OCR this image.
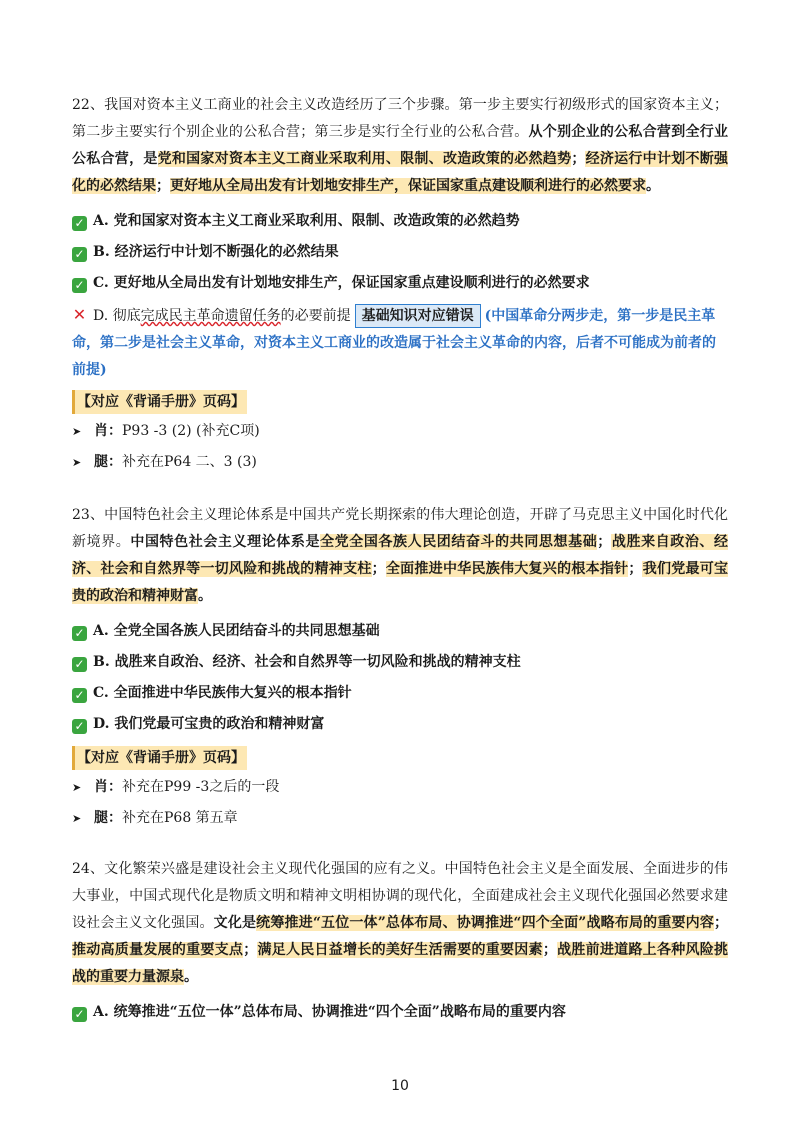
22、我国对资本主义工商业的社会主义改造经历了三个步骤。第一步主要实行初级形式的国家资本主义；第二步主要实行个别企业的公私合营；第三步是实行全行业的公私合营。从个别企业的公私合营到全行业公私合营，是党和国家对资本主义工商业采取利用、限制、改造政策的必然趋势；经济运行中计划不断强化的必然结果；更好地从全局出发有计划地安排生产，保证国家重点建设顺利进行的必然要求。

✓ A. 党和国家对资本主义工商业采取利用、限制、改造政策的必然趋势

✓ B. 经济运行中计划不断强化的必然结果

✓ C. 更好地从全局出发有计划地安排生产，保证国家重点建设顺利进行的必然要求

✕ D. 彻底完成民主革命遗留任务的必要前提 基础知识对应错误 (中国革命分两步走，第一步是民主革命，第二步是社会主义革命，对资本主义工商业的改造属于社会主义革命的内容，后者不可能成为前者的前提)

【对应《背诵手册》页码】

➤ 肖：P93 -3 (2) (补充C项)

➤ 腿：补充在P64 二、3 (3)

23、中国特色社会主义理论体系是中国共产党长期探索的伟大理论创造，开辟了马克思主义中国化时代化新境界。中国特色社会主义理论体系是全党全国各族人民团结奋斗的共同思想基础；战胜来自政治、经济、社会和自然界等一切风险和挑战的精神支柱；全面推进中华民族伟大复兴的根本指针；我们党最可宝贵的政治和精神财富。

✓ A. 全党全国各族人民团结奋斗的共同思想基础

✓ B. 战胜来自政治、经济、社会和自然界等一切风险和挑战的精神支柱

✓ C. 全面推进中华民族伟大复兴的根本指针

✓ D. 我们党最可宝贵的政治和精神财富

【对应《背诵手册》页码】

➤ 肖：补充在P99 -3之后的一段

➤ 腿：补充在P68 第五章

24、文化繁荣兴盛是建设社会主义现代化强国的应有之义。中国特色社会主义是全面发展、全面进步的伟大事业，中国式现代化是物质文明和精神文明相协调的现代化，全面建成社会主义现代化强国必然要求建设社会主义文化强国。文化是统筹推进“五位一体”总体布局、协调推进“四个全面”战略布局的重要内容；推动高质量发展的重要支点；满足人民日益增长的美好生活需要的重要因素；战胜前进道路上各种风险挑战的重要力量源泉。

✓ A. 统筹推进“五位一体”总体布局、协调推进“四个全面”战略布局的重要内容

10
